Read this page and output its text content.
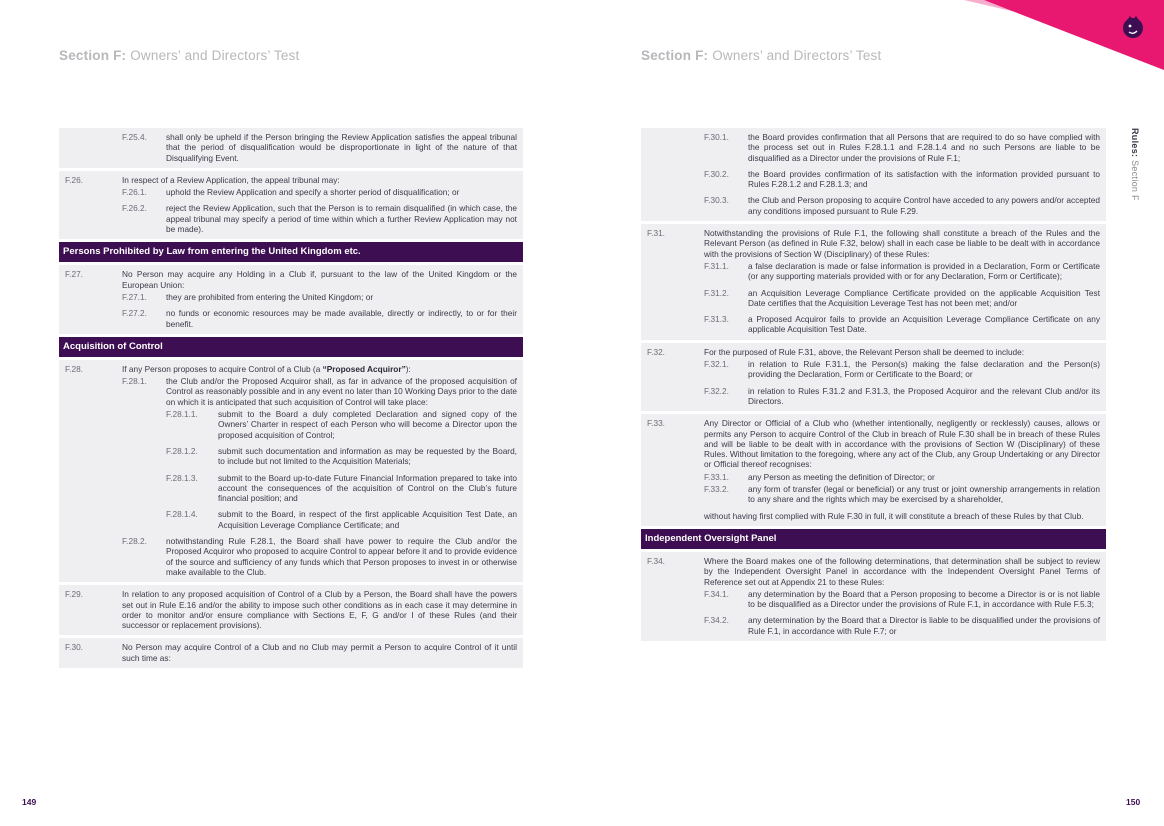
Section F: Owners’ and Directors’ Test	Section F: Owners’ and Directors’ Test
Rules: Section F
149	150
F.25.4.	shall only be upheld if the Person bringing the Review Application satisfies the appeal tribunal that the period of disqualification would be disproportionate in light of the nature of that Disqualifying Event.
F.26.	In respect of a Review Application, the appeal tribunal may:
F.26.1.	uphold the Review Application and specify a shorter period of disqualification; or
F.26.2.	reject the Review Application, such that the Person is to remain disqualified (in which case, the appeal tribunal may specify a period of time within which a further Review Application may not be made).
Persons Prohibited by Law from entering the United Kingdom etc.
F.27.	No Person may acquire any Holding in a Club if, pursuant to the law of the United Kingdom or the European Union:
F.27.1.	they are prohibited from entering the United Kingdom; or
F.27.2.	no funds or economic resources may be made available, directly or indirectly, to or for their benefit.
Acquisition of Control
F.28.	If any Person proposes to acquire Control of a Club (a “Proposed Acquiror”):
F.28.1.	the Club and/or the Proposed Acquiror shall, as far in advance of the proposed acquisition of Control as reasonably possible and in any event no later than 10 Working Days prior to the date on which it is anticipated that such acquisition of Control will take place:
F.28.1.1.	submit to the Board a duly completed Declaration and signed copy of the Owners’ Charter in respect of each Person who will become a Director upon the proposed acquisition of Control;
F.28.1.2.	submit such documentation and information as may be requested by the Board, to include but not limited to the Acquisition Materials;
F.28.1.3.	submit to the Board up-to-date Future Financial Information prepared to take into account the consequences of the acquisition of Control on the Club’s future financial position; and
F.28.1.4.	submit to the Board, in respect of the first applicable Acquisition Test Date, an Acquisition Leverage Compliance Certificate; and
F.28.2.	notwithstanding Rule F.28.1, the Board shall have power to require the Club and/or the Proposed Acquiror who proposed to acquire Control to appear before it and to provide evidence of the source and sufficiency of any funds which that Person proposes to invest in or otherwise make available to the Club.
F.29.	In relation to any proposed acquisition of Control of a Club by a Person, the Board shall have the powers set out in Rule E.16 and/or the ability to impose such other conditions as in each case it may determine in order to monitor and/or ensure compliance with Sections E, F, G and/or I of these Rules (and their successor or replacement provisions).
F.30.	No Person may acquire Control of a Club and no Club may permit a Person to acquire Control of it until such time as:
F.30.1.	the Board provides confirmation that all Persons that are required to do so have complied with the process set out in Rules F.28.1.1 and F.28.1.4 and no such Persons are liable to be disqualified as a Director under the provisions of Rule F.1;
F.30.2.	the Board provides confirmation of its satisfaction with the information provided pursuant to Rules F.28.1.2 and F.28.1.3; and
F.30.3.	the Club and Person proposing to acquire Control have acceded to any powers and/or accepted any conditions imposed pursuant to Rule F.29.
F.31.	Notwithstanding the provisions of Rule F.1, the following shall constitute a breach of the Rules and the Relevant Person (as defined in Rule F.32, below) shall in each case be liable to be dealt with in accordance with the provisions of Section W (Disciplinary) of these Rules:
F.31.1.	a false declaration is made or false information is provided in a Declaration, Form or Certificate (or any supporting materials provided with or for any Declaration, Form or Certificate);
F.31.2.	an Acquisition Leverage Compliance Certificate provided on the applicable Acquisition Test Date certifies that the Acquisition Leverage Test has not been met; and/or
F.31.3.	a Proposed Acquiror fails to provide an Acquisition Leverage Compliance Certificate on any applicable Acquisition Test Date.
F.32.	For the purposed of Rule F.31, above, the Relevant Person shall be deemed to include:
F.32.1.	in relation to Rule F.31.1, the Person(s) making the false declaration and the Person(s) providing the Declaration, Form or Certificate to the Board; or
F.32.2.	in relation to Rules F.31.2 and F.31.3, the Proposed Acquiror and the relevant Club and/or its Directors.
F.33.	Any Director or Official of a Club who (whether intentionally, negligently or recklessly) causes, allows or permits any Person to acquire Control of the Club in breach of Rule F.30 shall be in breach of these Rules and will be liable to be dealt with in accordance with the provisions of Section W (Disciplinary) of these Rules. Without limitation to the foregoing, where any act of the Club, any Group Undertaking or any Director or Official thereof recognises:
F.33.1.	any Person as meeting the definition of Director; or
F.33.2.	any form of transfer (legal or beneficial) or any trust or joint ownership arrangements in relation to any share and the rights which may be exercised by a shareholder,
without having first complied with Rule F.30 in full, it will constitute a breach of these Rules by that Club.
Independent Oversight Panel
F.34.	Where the Board makes one of the following determinations, that determination shall be subject to review by the Independent Oversight Panel in accordance with the Independent Oversight Panel Terms of Reference set out at Appendix 21 to these Rules:
F.34.1.	any determination by the Board that a Person proposing to become a Director is or is not liable to be disqualified as a Director under the provisions of Rule F.1, in accordance with Rule F.5.3;
F.34.2.	any determination by the Board that a Director is liable to be disqualified under the provisions of Rule F.1, in accordance with Rule F.7; or
